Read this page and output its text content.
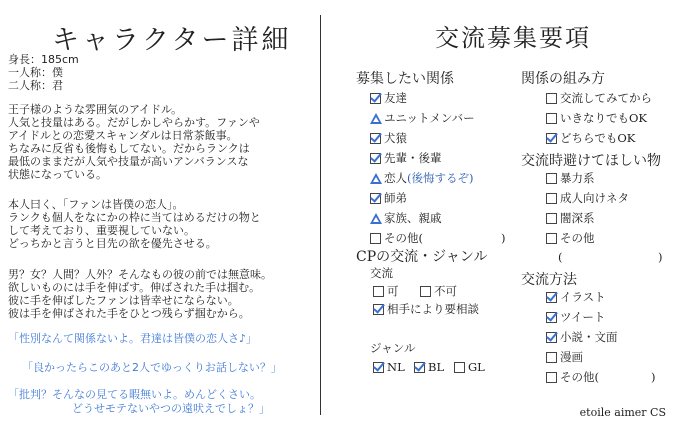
キャラクター詳細
身長：185cm
一人称：僕
二人称：君
王子様のような雰囲気のアイドル。
人気と技量はある。だがしかしやらかす。ファンや
アイドルとの恋愛スキャンダルは日常茶飯事。
ちなみに反省も後悔もしてない。だからランクは
最低のままだが人気や技量が高いアンバランスな
状態になっている。
本人曰く、「ファンは皆僕の恋人」。
ランクも個人をなにかの枠に当てはめるだけの物と
して考えており、重要視していない。
どっちかと言うと目先の欲を優先させる。
男？女？人間？人外？そんなもの彼の前では無意味。
欲しいものには手を伸ばす。伸ばされた手は掴む。
彼に手を伸ばしたファンは皆幸せにならない。
彼は手を伸ばされた手をひとつ残らず掴むから。
「性別なんて関係ないよ。君達は皆僕の恋人さ♪」
「良かったらこのあと2人でゆっくりお話しない？」
「批判？そんなの見てる暇無いよ。めんどくさい。
どうせモテないやつの遠吠えでしょ？」
交流募集要項
募集したい関係
友達
ユニットメンバー
犬猿
先輩・後輩
恋人 (後悔するぞ)
師弟
家族、親戚
その他(	)
CPの交流・ジャンル
交流
可	不可
相手により要相談
ジャンル
NL BL GL
関係の組み方
交流してみてから
いきなりでもOK
どちらでもOK
交流時避けてほしい物
暴力系
成人向けネタ
闇深系
その他
(	)
交流方法
イラスト
ツイート
小説・文面
漫画
その他(	)
etoile aimer CS
